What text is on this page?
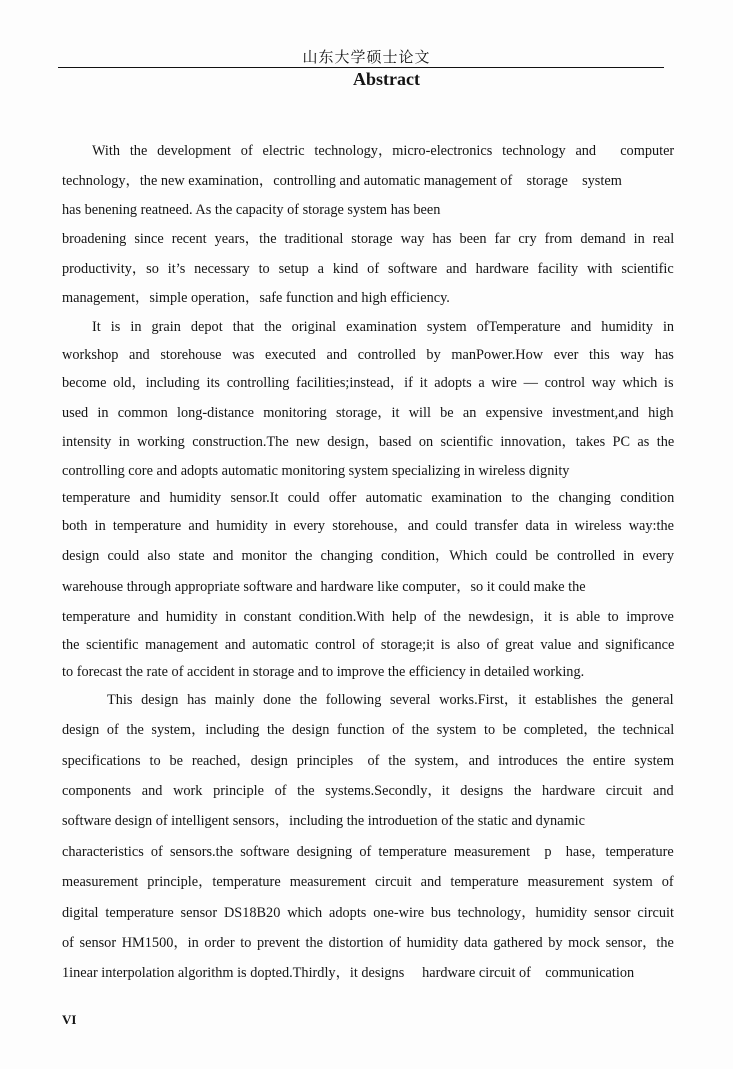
山东大学硕士论文
Abstract
With the development of electric technology，micro-electronics technology and　 computer
technology，the new examination，controlling and automatic management of　storage　system
has benening reatneed. As the capacity of storage system has been
broadening since recent years，the traditional storage way has been far cry from demand in real
productivity，so it’s necessary to setup a kind of software and hardware facility with scientific
management，simple operation，safe function and high efficiency.
It is in grain depot that the original examination system ofTemperature and humidity in
workshop and storehouse was executed and controlled by manPower.How ever this way has
become old，including its controlling facilities;instead，if it adopts a wire — control way which is
used in common long-distance monitoring storage，it will be an expensive investment,and high
intensity in working construction.The new design，based on scientific innovation，takes PC as the
controlling core and adopts automatic monitoring system specializing in wireless dignity
temperature and humidity sensor.It could offer automatic examination to the changing condition
both in temperature and humidity in every storehouse，and could transfer data in wireless way:the
design could also state and monitor the changing condition，Which could be controlled in every
warehouse through appropriate software and hardware like computer，so it could make the
temperature and humidity in constant condition.With help of the newdesign，it is able to improve
the scientific management and automatic control of storage;it is also of great value and significance
to forecast the rate of accident in storage and to improve the efficiency in detailed working.
This design has mainly done the following several works.First，it establishes the general
design of the system，including the design function of the system to be completed，the technical
specifications to be reached，design principles　of the system，and introduces the entire system
components and work principle of the systems.Secondly，it designs the hardware circuit and
software design of intelligent sensors，including the introduetion of the static and dynamic
characteristics of sensors.the software designing of temperature measurement　p　hase，temperature
measurement principle，temperature measurement circuit and temperature measurement system of
digital temperature sensor DS18B20 which adopts one-wire bus technology，humidity sensor circuit
of sensor HM1500，in order to prevent the distortion of humidity data gathered by mock sensor，the
1inear interpolation algorithm is dopted.Thirdly，it designs　 hardware circuit of　communication
VI
